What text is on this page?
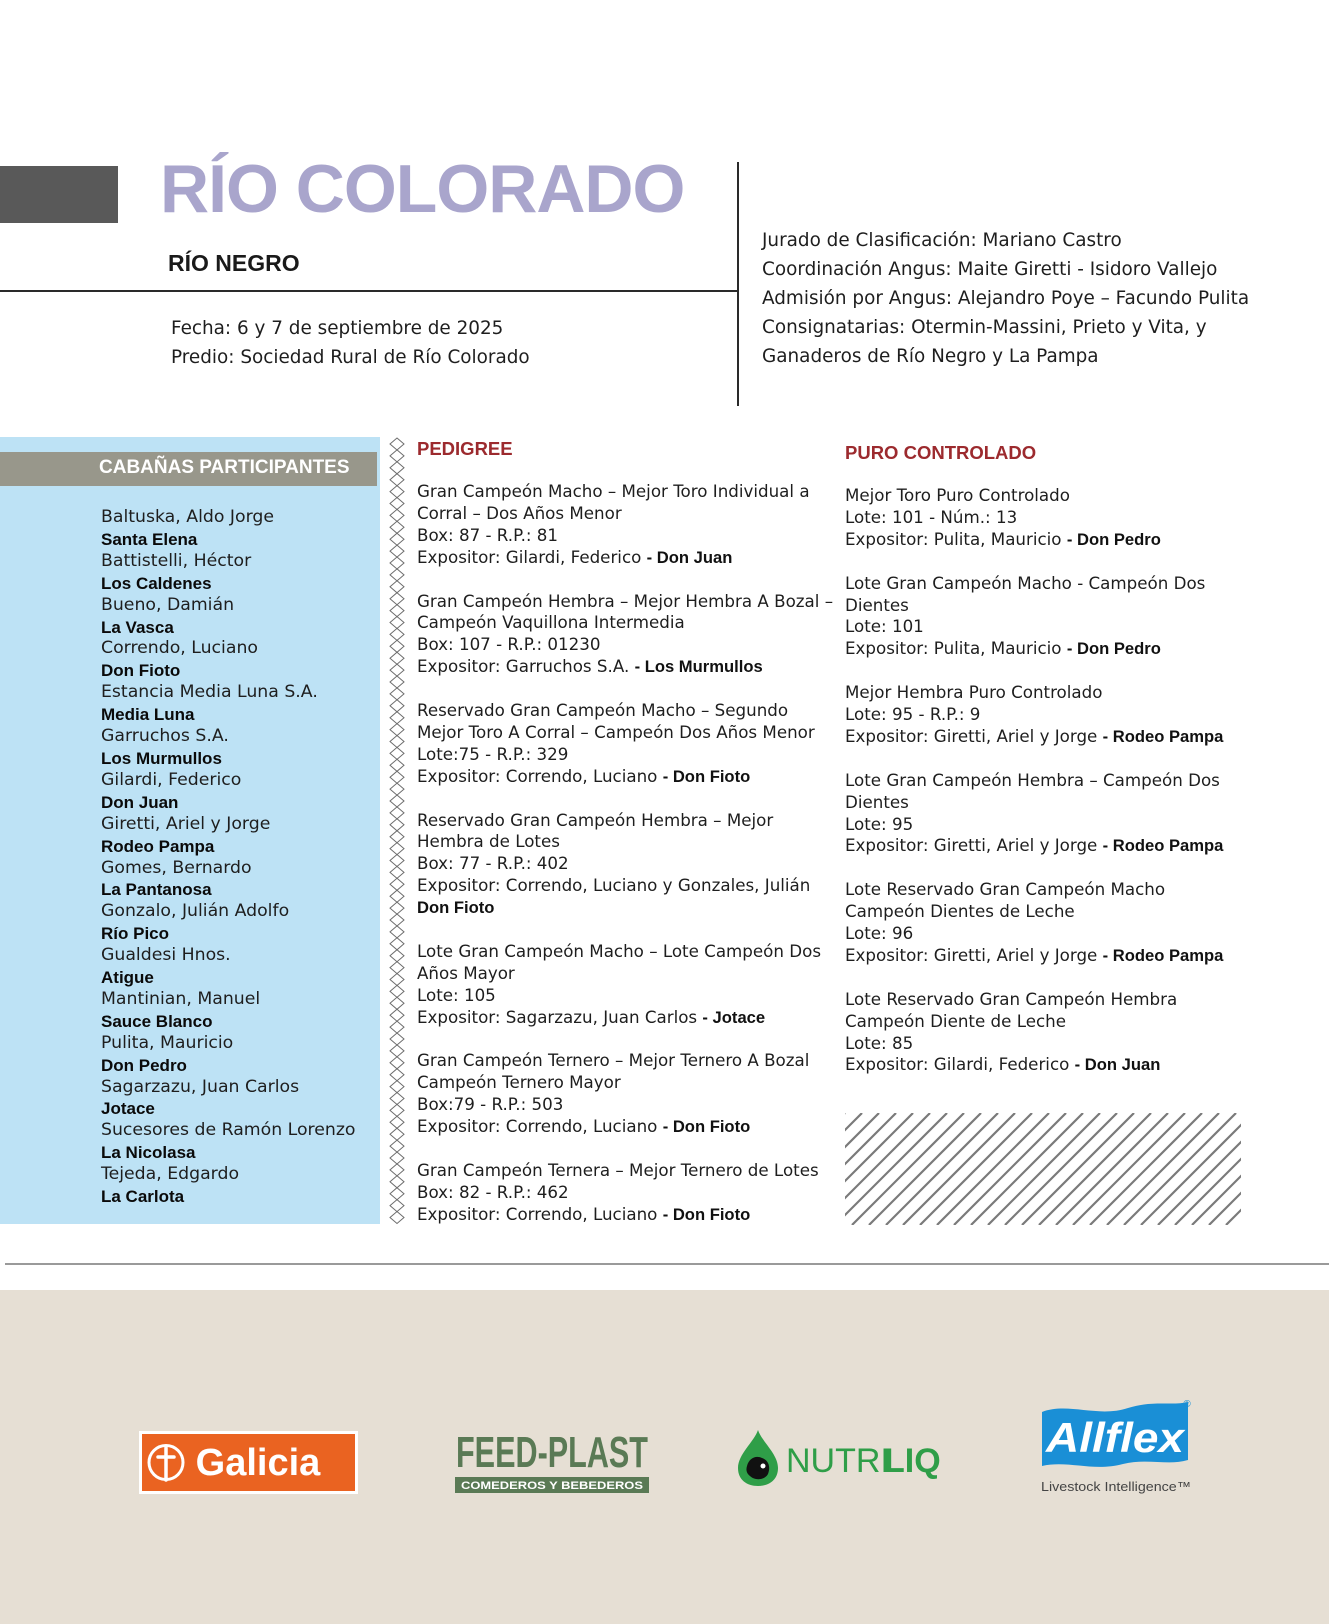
RÍO COLORADO
RÍO NEGRO
Fecha: 6 y 7 de septiembre de 2025
Predio: Sociedad Rural de Río Colorado
Jurado de Clasificación: Mariano Castro
Coordinación Angus: Maite Giretti - Isidoro Vallejo
Admisión por Angus: Alejandro Poye – Facundo Pulita
Consignatarias: Otermin-Massini, Prieto y Vita, y
Ganaderos de Río Negro y La Pampa
CABAÑAS PARTICIPANTES
Baltuska, Aldo Jorge
Santa Elena
Battistelli, Héctor
Los Caldenes
Bueno, Damián
La Vasca
Correndo, Luciano
Don Fioto
Estancia Media Luna S.A.
Media Luna
Garruchos S.A.
Los Murmullos
Gilardi, Federico
Don Juan
Giretti, Ariel y Jorge
Rodeo Pampa
Gomes, Bernardo
La Pantanosa
Gonzalo, Julián Adolfo
Río Pico
Gualdesi Hnos.
Atigue
Mantinian, Manuel
Sauce Blanco
Pulita, Mauricio
Don Pedro
Sagarzazu, Juan Carlos
Jotace
Sucesores de Ramón Lorenzo
La Nicolasa
Tejeda, Edgardo
La Carlota
PEDIGREE
Gran Campeón Macho – Mejor Toro Individual a
Corral – Dos Años Menor
Box: 87 - R.P.: 81
Expositor: Gilardi, Federico - Don Juan
Gran Campeón Hembra – Mejor Hembra A Bozal –
Campeón Vaquillona Intermedia
Box: 107 - R.P.: 01230
Expositor: Garruchos S.A. - Los Murmullos
Reservado Gran Campeón Macho – Segundo
Mejor Toro A Corral – Campeón Dos Años Menor
Lote:75 - R.P.: 329
Expositor: Correndo, Luciano - Don Fioto
Reservado Gran Campeón Hembra – Mejor
Hembra de Lotes
Box: 77 - R.P.: 402
Expositor: Correndo, Luciano y Gonzales, Julián
Don Fioto
Lote Gran Campeón Macho – Lote Campeón Dos
Años Mayor
Lote: 105
Expositor: Sagarzazu, Juan Carlos - Jotace
Gran Campeón Ternero – Mejor Ternero A Bozal
Campeón Ternero Mayor
Box:79 - R.P.: 503
Expositor: Correndo, Luciano - Don Fioto
Gran Campeón Ternera – Mejor Ternero de Lotes
Box: 82 - R.P.: 462
Expositor: Correndo, Luciano - Don Fioto
PURO CONTROLADO
Mejor Toro Puro Controlado
Lote: 101 - Núm.: 13
Expositor: Pulita, Mauricio - Don Pedro
Lote Gran Campeón Macho - Campeón Dos
Dientes
Lote: 101
Expositor: Pulita, Mauricio - Don Pedro
Mejor Hembra Puro Controlado
Lote: 95 - R.P.: 9
Expositor: Giretti, Ariel y Jorge - Rodeo Pampa
Lote Gran Campeón Hembra – Campeón Dos
Dientes
Lote: 95
Expositor: Giretti, Ariel y Jorge - Rodeo Pampa
Lote Reservado Gran Campeón Macho
Campeón Dientes de Leche
Lote: 96
Expositor: Giretti, Ariel y Jorge - Rodeo Pampa
Lote Reservado Gran Campeón Hembra
Campeón Diente de Leche
Lote: 85
Expositor: Gilardi, Federico - Don Juan
Galicia	FEED-PLAST
COMEDEROS Y BEBEDEROS
NUTRI
LIQ Allflex
®
Livestock Intelligence™
